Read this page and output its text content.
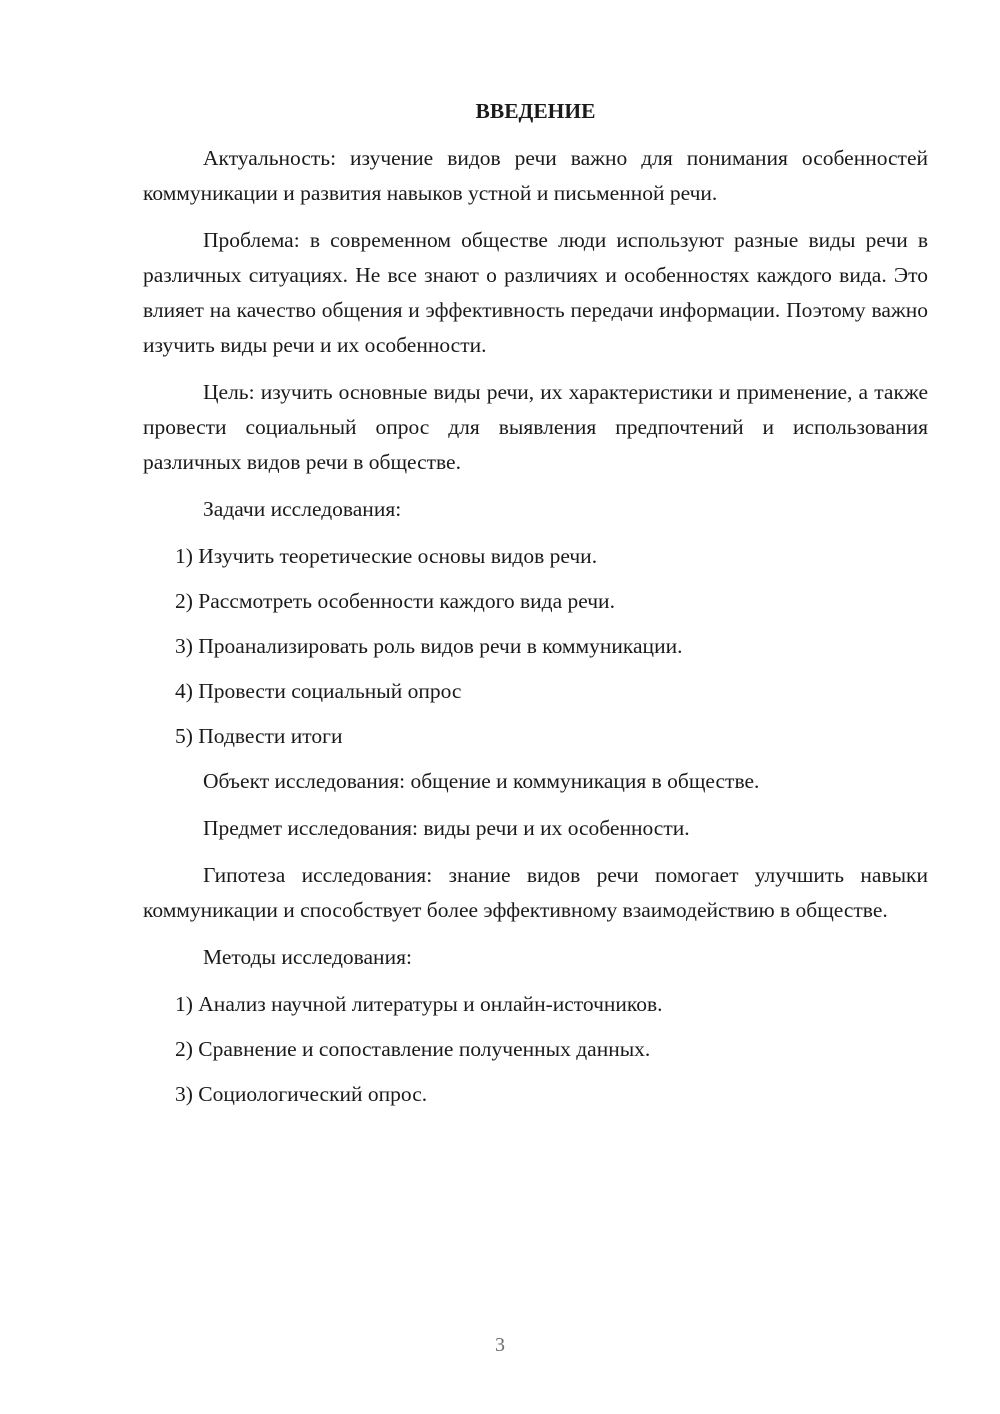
ВВЕДЕНИЕ

Актуальность: изучение видов речи важно для понимания особенностей коммуникации и развития навыков устной и письменной речи.

Проблема: в современном обществе люди используют разные виды речи в различных ситуациях. Не все знают о различиях и особенностях каждого вида. Это влияет на качество общения и эффективность передачи информации. Поэтому важно изучить виды речи и их особенности.

Цель: изучить основные виды речи, их характеристики и применение, а также провести социальный опрос для выявления предпочтений и использования различных видов речи в обществе.

Задачи исследования:

1) Изучить теоретические основы видов речи.
2) Рассмотреть особенности каждого вида речи.
3) Проанализировать роль видов речи в коммуникации.
4) Провести социальный опрос
5) Подвести итоги

Объект исследования: общение и коммуникация в обществе.

Предмет исследования: виды речи и их особенности.

Гипотеза исследования: знание видов речи помогает улучшить навыки коммуникации и способствует более эффективному взаимодействию в обществе.

Методы исследования:

1) Анализ научной литературы и онлайн-источников.
2) Сравнение и сопоставление полученных данных.
3) Социологический опрос.
3
